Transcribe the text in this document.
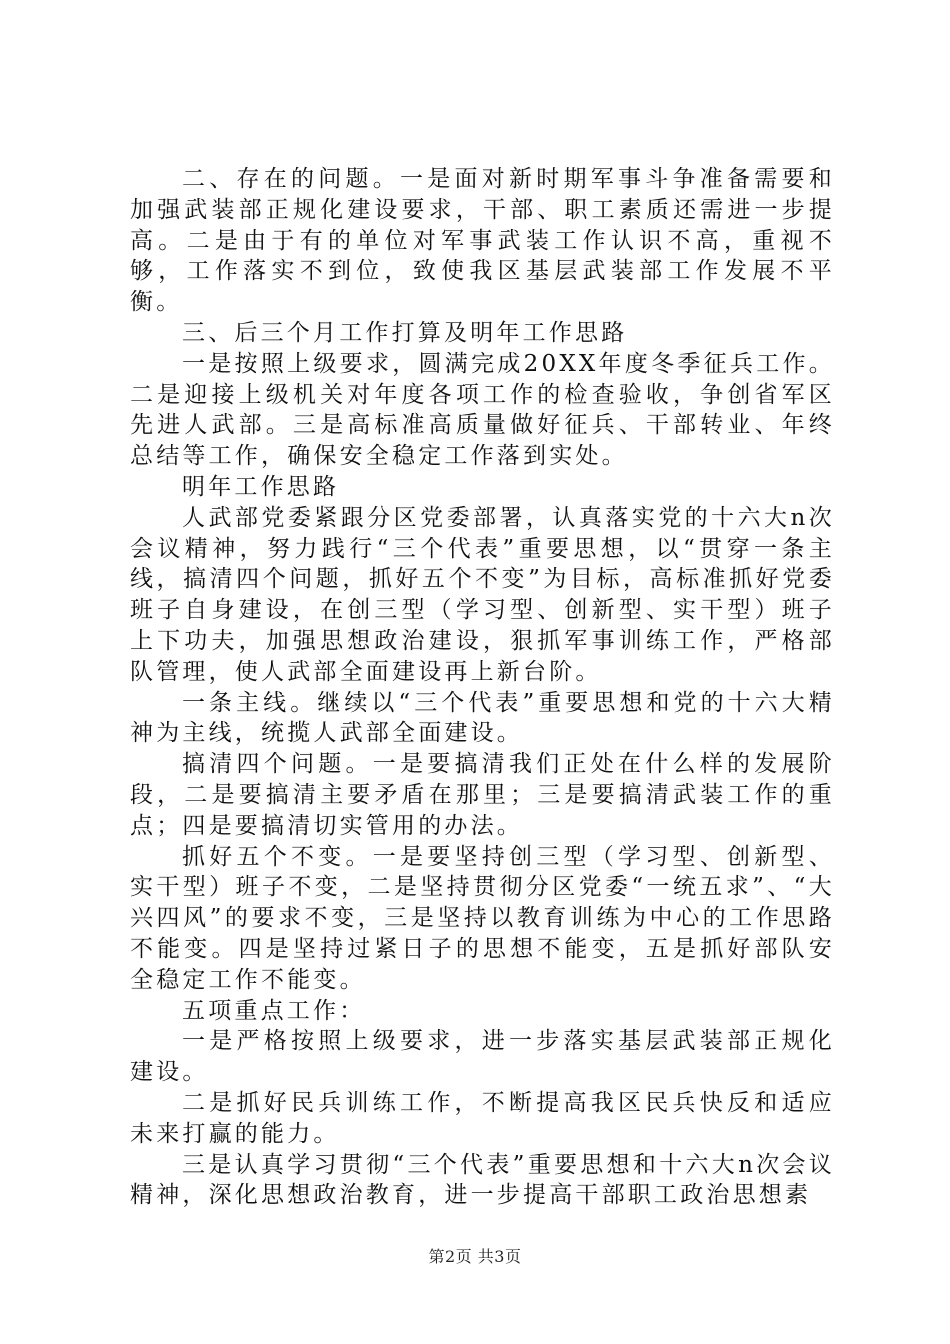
二、存在的问题。一是面对新时期军事斗争准备需要和加强武装部正规化建设要求，干部、职工素质还需进一步提高。二是由于有的单位对军事武装工作认识不高，重视不够，工作落实不到位，致使我区基层武装部工作发展不平衡。

三、后三个月工作打算及明年工作思路

一是按照上级要求，圆满完成20XX年度冬季征兵工作。二是迎接上级机关对年度各项工作的检查验收，争创省军区先进人武部。三是高标准高质量做好征兵、干部转业、年终总结等工作，确保安全稳定工作落到实处。

明年工作思路

人武部党委紧跟分区党委部署，认真落实党的十六大n次会议精神，努力践行“三个代表”重要思想，以“贯穿一条主线，搞清四个问题，抓好五个不变”为目标，高标准抓好党委班子自身建设，在创三型（学习型、创新型、实干型）班子上下功夫，加强思想政治建设，狠抓军事训练工作，严格部队管理，使人武部全面建设再上新台阶。

一条主线。继续以“三个代表”重要思想和党的十六大精神为主线，统揽人武部全面建设。

搞清四个问题。一是要搞清我们正处在什么样的发展阶段，二是要搞清主要矛盾在那里；三是要搞清武装工作的重点；四是要搞清切实管用的办法。

抓好五个不变。一是要坚持创三型（学习型、创新型、实干型）班子不变，二是坚持贯彻分区党委“一统五求”、“大兴四风”的要求不变，三是坚持以教育训练为中心的工作思路不能变。四是坚持过紧日子的思想不能变，五是抓好部队安全稳定工作不能变。

五项重点工作：

一是严格按照上级要求，进一步落实基层武装部正规化建设。

二是抓好民兵训练工作，不断提高我区民兵快反和适应未来打赢的能力。

三是认真学习贯彻“三个代表”重要思想和十六大n次会议精神，深化思想政治教育，进一步提高干部职工政治思想素

第2页 共3页
